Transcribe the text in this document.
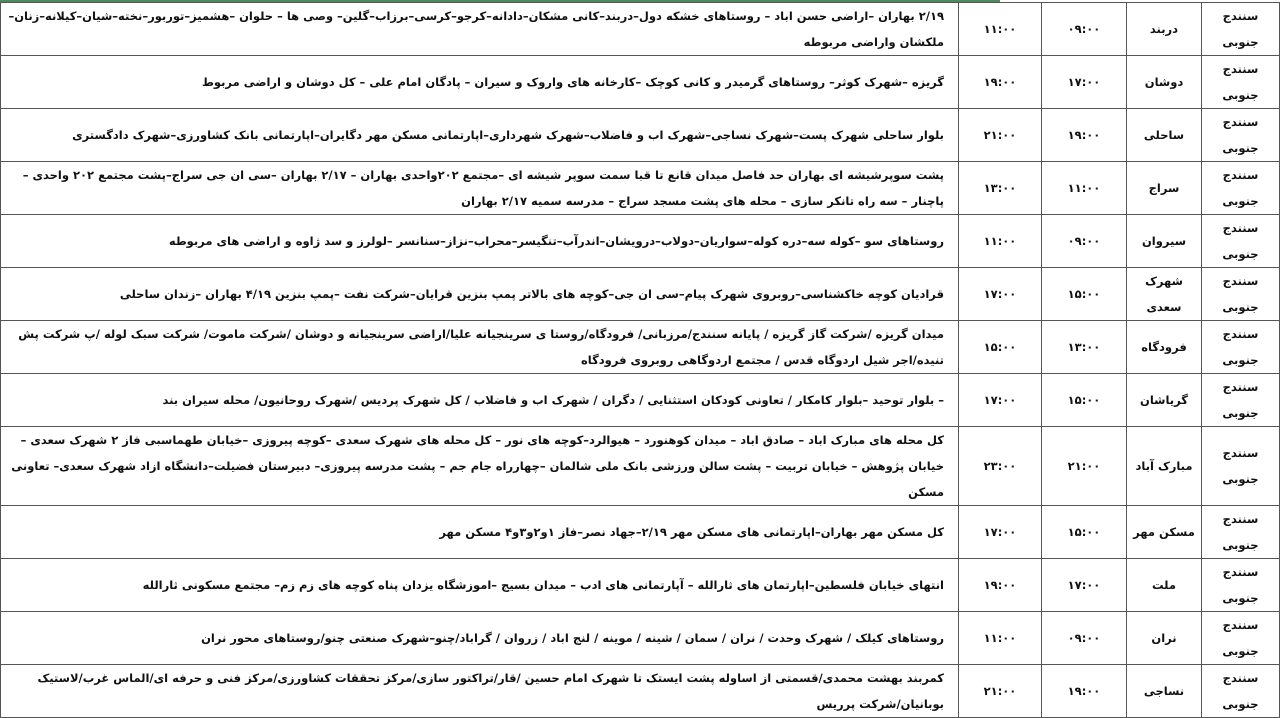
سنندج جنوبی	دربند	۰۹:۰۰	۱۱:۰۰	۲/۱۹ بهاران –اراضی حسن اباد – روستاهای خشکه دول–دربند–کانی مشکان–دادانه–کرجو–کرسی–برزاب–گلین– وصی ها – حلوان –هشمیز–توربور–نخته–شیان–کیلانه–زنان–ملکشان واراضی مربوطه
سنندج جنوبی	دوشان	۱۷:۰۰	۱۹:۰۰	گریزه –شهرک کوثر– روستاهای گرمیدر و کانی کوچک –کارخانه های واروک و سیران – پادگان امام علی – کل دوشان و اراضی مربوط
سنندج جنوبی	ساحلی	۱۹:۰۰	۲۱:۰۰	بلوار ساحلی شهرک پست–شهرک نساجی–شهرک اب و فاضلاب–شهرک شهرداری–اپارتمانی مسکن مهر دگایران–اپارتمانی بانک کشاورزی–شهرک دادگستری
سنندج جنوبی	سراج	۱۱:۰۰	۱۳:۰۰	پشت سوپرشیشه ای بهاران حد فاصل میدان قانع تا قبا سمت سوپر شیشه ای –مجتمع ۲۰۲واحدی بهاران – ۲/۱۷ بهاران –سی ان جی سراج–پشت مجتمع ۲۰۲ واحدی – پاچنار – سه راه تانکر سازی – محله های پشت مسجد سراج – مدرسه سمیه ۲/۱۷ بهاران
سنندج جنوبی	سیروان	۰۹:۰۰	۱۱:۰۰	روستاهای سو –کوله سه–دره کوله–سواریان–دولاب–درویشان–اندرآب–تنگیسر–محراب–نزاز–سنانسر –لولرز و سد ژاوه و اراضی های مربوطه
سنندج جنوبی	شهرک سعدی	۱۵:۰۰	۱۷:۰۰	قرادیان کوچه خاکشناسی–روبروی شهرک پیام–سی ان جی–کوچه های بالاتر پمپ بنزین قرایان–شرکت نفت –پمپ بنزین ۴/۱۹ بهاران –زندان ساحلی
سنندج جنوبی	فرودگاه	۱۳:۰۰	۱۵:۰۰	میدان گریزه /شرکت گاز گریزه / پایانه سنندج/مرزبانی/ فرودگاه/روستا ی سرینجیانه علیا/اراضی سرینجیانه و دوشان /شرکت ماموت/ شرکت سبک لوله /پ شرکت پش تنیده/اجر شیل اردوگاه قدس / مجتمع اردوگاهی روبروی فرودگاه
سنندج جنوبی	گریاشان	۱۵:۰۰	۱۷:۰۰	– بلوار توحید –بلوار کامکار / تعاونی کودکان استثنایی / دگران / شهرک اب و فاضلاب / کل شهرک پردیس /شهرک روحانیون/ محله سیران بند
سنندج جنوبی	مبارک آباد	۲۱:۰۰	۲۳:۰۰	کل محله های مبارک اباد – صادق اباد – میدان کوهنورد – هیوالرد–کوچه های نور – کل محله های شهرک سعدی –کوچه پیروزی –خیابان طهماسبی فاز ۲ شهرک سعدی – خیابان پژوهش – خیابان تربیت – پشت سالن ورزشی بانک ملی شالمان –چهارراه جام جم – پشت مدرسه پیروزی– دبیرستان فضیلت–دانشگاه ازاد شهرک سعدی– تعاونی مسکن
سنندج جنوبی	مسکن مهر	۱۵:۰۰	۱۷:۰۰	کل مسکن مهر بهاران–اپارتمانی های مسکن مهر ۲/۱۹–جهاد نصر–فاز ۱و۲و۳و۴ مسکن مهر
سنندج جنوبی	ملت	۱۷:۰۰	۱۹:۰۰	انتهای خیابان فلسطین–اپارتمان های ثارالله – آپارتمانی های ادب – میدان بسیج –اموزشگاه یزدان پناه کوچه های زم زم– مجتمع مسکونی ثارالله
سنندج جنوبی	نران	۰۹:۰۰	۱۱:۰۰	روستاهای کیلک / شهرک وحدت / نران / سمان / شینه / موینه / لنج اباد / زروان / گراباد/چنو–شهرک صنعتی چنو/روستاهای محور نران
سنندج جنوبی	نساجی	۱۹:۰۰	۲۱:۰۰	کمربند بهشت محمدی/قسمتی از اساوله پشت ایستک تا شهرک امام حسین /قار/تراکتور سازی/مرکز تحققات کشاورزی/مرکز فنی و حرفه ای/الماس غرب/لاستیک بوبانیان/شرکت پرریس
